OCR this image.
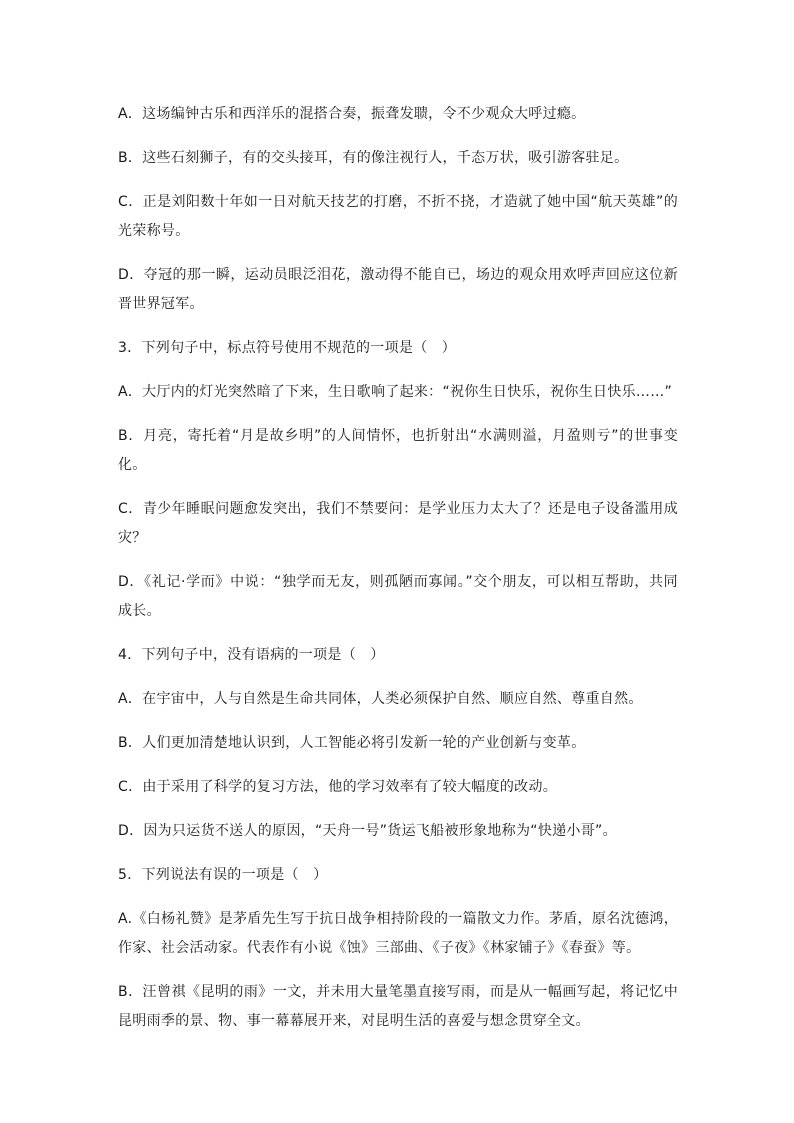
A．这场编钟古乐和西洋乐的混搭合奏，振聋发聩，令不少观众大呼过瘾。

B．这些石刻狮子，有的交头接耳，有的像注视行人，千态万状，吸引游客驻足。

C．正是刘阳数十年如一日对航天技艺的打磨，不折不挠，才造就了她中国“航天英雄”的光荣称号。

D．夺冠的那一瞬，运动员眼泛泪花，激动得不能自已，场边的观众用欢呼声回应这位新晋世界冠军。

3．下列句子中，标点符号使用不规范的一项是（　）

A．大厅内的灯光突然暗了下来，生日歌响了起来：“祝你生日快乐，祝你生日快乐……”

B．月亮，寄托着“月是故乡明”的人间情怀，也折射出“水满则溢，月盈则亏”的世事变化。

C．青少年睡眠问题愈发突出，我们不禁要问：是学业压力太大了？还是电子设备滥用成灾？

D．《礼记·学而》中说：“独学而无友，则孤陋而寡闻。”交个朋友，可以相互帮助，共同成长。

4．下列句子中，没有语病的一项是（　）

A．在宇宙中，人与自然是生命共同体，人类必须保护自然、顺应自然、尊重自然。

B．人们更加清楚地认识到，人工智能必将引发新一轮的产业创新与变革。

C．由于采用了科学的复习方法，他的学习效率有了较大幅度的改动。

D．因为只运货不送人的原因，“天舟一号”货运飞船被形象地称为“快递小哥”。

5．下列说法有误的一项是（　）

A.《白杨礼赞》是茅盾先生写于抗日战争相持阶段的一篇散文力作。茅盾，原名沈德鸿，作家、社会活动家。代表作有小说《蚀》三部曲、《子夜》《林家铺子》《春蚕》等。

B．汪曾祺《昆明的雨》一文，并未用大量笔墨直接写雨，而是从一幅画写起，将记忆中昆明雨季的景、物、事一幕幕展开来，对昆明生活的喜爱与想念贯穿全文。
